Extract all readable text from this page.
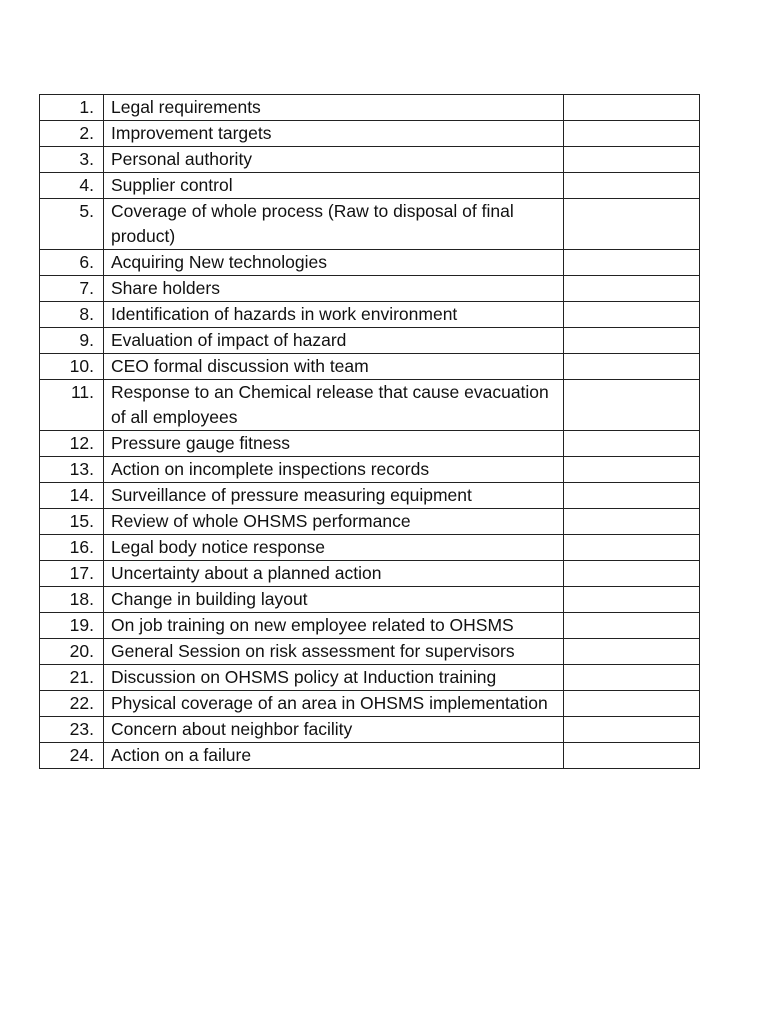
1.	Legal requirements	
2.	Improvement targets	
3.	Personal authority	
4.	Supplier control	
5.	Coverage of whole process (Raw to disposal of final product)	
6.	Acquiring New technologies	
7.	Share holders	
8.	Identification of hazards in work environment	
9.	Evaluation of impact of hazard	
10.	CEO formal discussion with team	
11.	Response to an Chemical release that cause evacuation of all employees	
12.	Pressure gauge fitness	
13.	Action on incomplete inspections records	
14.	Surveillance of pressure measuring equipment	
15.	Review of whole OHSMS performance	
16.	Legal body notice response	
17.	Uncertainty about a planned action	
18.	Change in building layout	
19.	On job training on new employee related to OHSMS	
20.	General Session on risk assessment for supervisors	
21.	Discussion on OHSMS policy at Induction training	
22.	Physical coverage of an area in OHSMS implementation	
23.	Concern about neighbor facility	
24.	Action on a failure	
